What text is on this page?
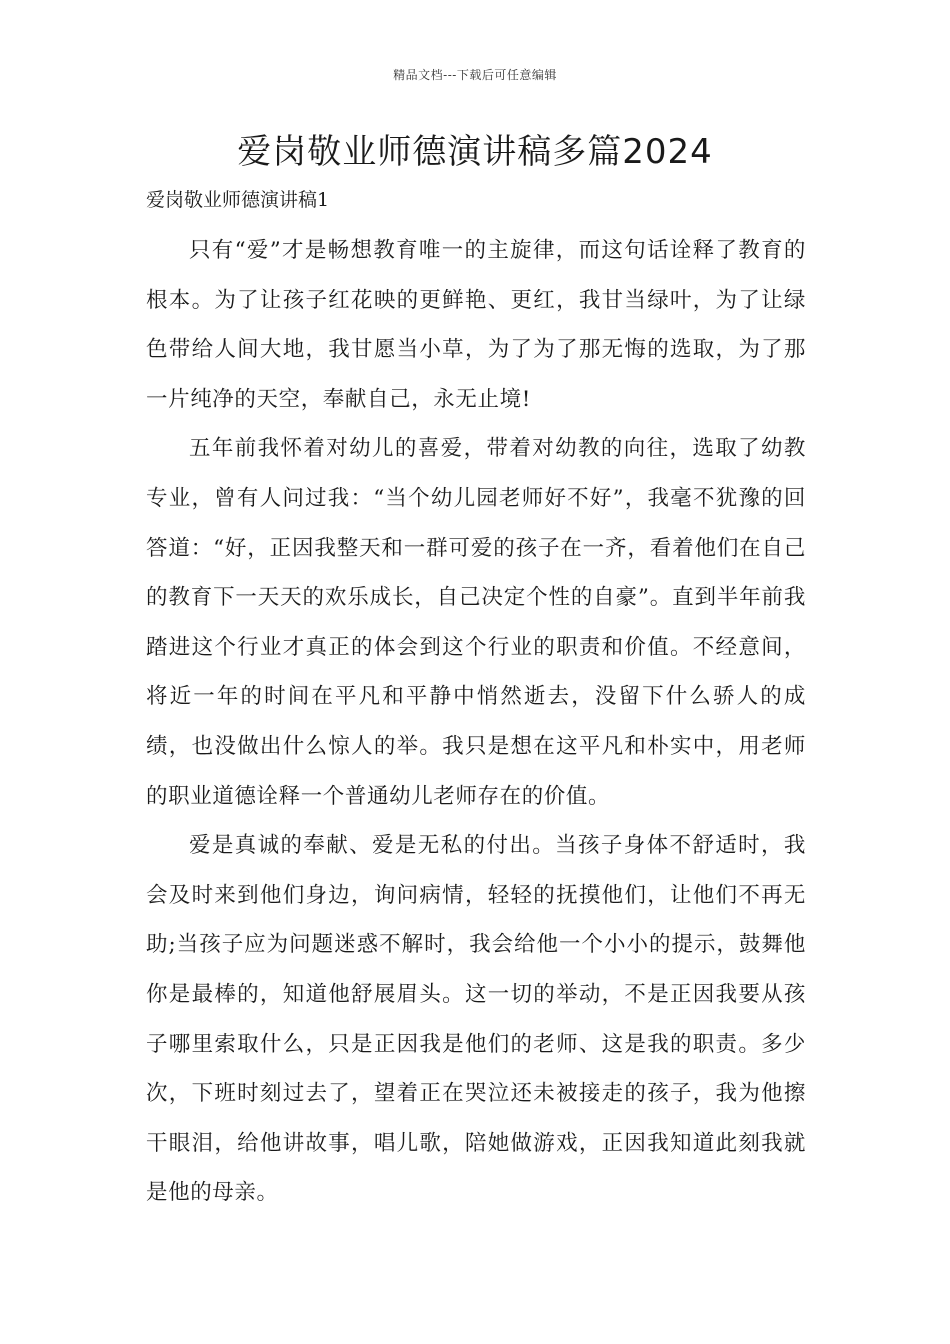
精品文档---下载后可任意编辑
爱岗敬业师德演讲稿多篇2024

爱岗敬业师德演讲稿1

只有“爱”才是畅想教育唯一的主旋律，而这句话诠释了教育的根本。为了让孩子红花映的更鲜艳、更红，我甘当绿叶，为了让绿色带给人间大地，我甘愿当小草，为了为了那无悔的选取，为了那一片纯净的天空，奉献自己，永无止境!

五年前我怀着对幼儿的喜爱，带着对幼教的向往，选取了幼教专业，曾有人问过我：“当个幼儿园老师好不好”，我毫不犹豫的回答道：“好，正因我整天和一群可爱的孩子在一齐，看着他们在自己的教育下一天天的欢乐成长，自己决定个性的自豪”。直到半年前我踏进这个行业才真正的体会到这个行业的职责和价值。不经意间，将近一年的时间在平凡和平静中悄然逝去，没留下什么骄人的成绩，也没做出什么惊人的举。我只是想在这平凡和朴实中，用老师的职业道德诠释一个普通幼儿老师存在的价值。

爱是真诚的奉献、爱是无私的付出。当孩子身体不舒适时，我会及时来到他们身边，询问病情，轻轻的抚摸他们，让他们不再无助;当孩子应为问题迷惑不解时，我会给他一个小小的提示，鼓舞他你是最棒的，知道他舒展眉头。这一切的举动，不是正因我要从孩子哪里索取什么，只是正因我是他们的老师、这是我的职责。多少次，下班时刻过去了，望着正在哭泣还未被接走的孩子，我为他擦干眼泪，给他讲故事，唱儿歌，陪她做游戏，正因我知道此刻我就是他的母亲。
